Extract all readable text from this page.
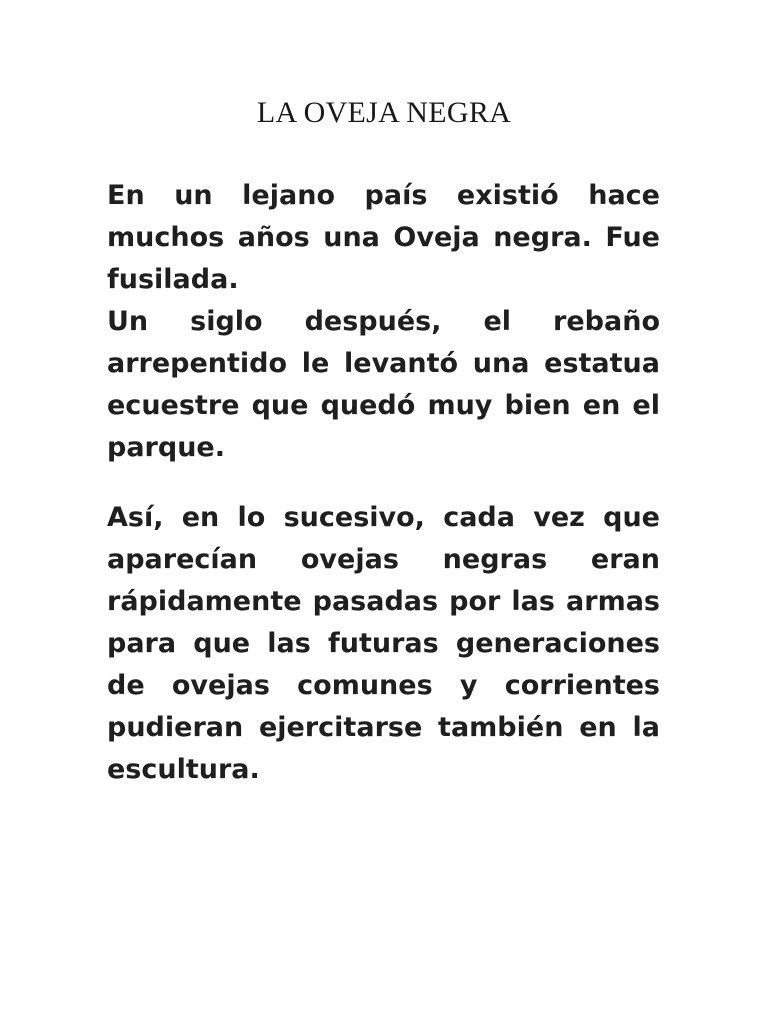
LA OVEJA NEGRA

En un lejano país existió hace muchos años una Oveja negra. Fue fusilada.

Un siglo después, el rebaño arrepentido le levantó una estatua ecuestre que quedó muy bien en el parque.

Así, en lo sucesivo, cada vez que aparecían ovejas negras eran rápidamente pasadas por las armas para que las futuras generaciones de ovejas comunes y corrientes pudieran ejercitarse también en la escultura.
